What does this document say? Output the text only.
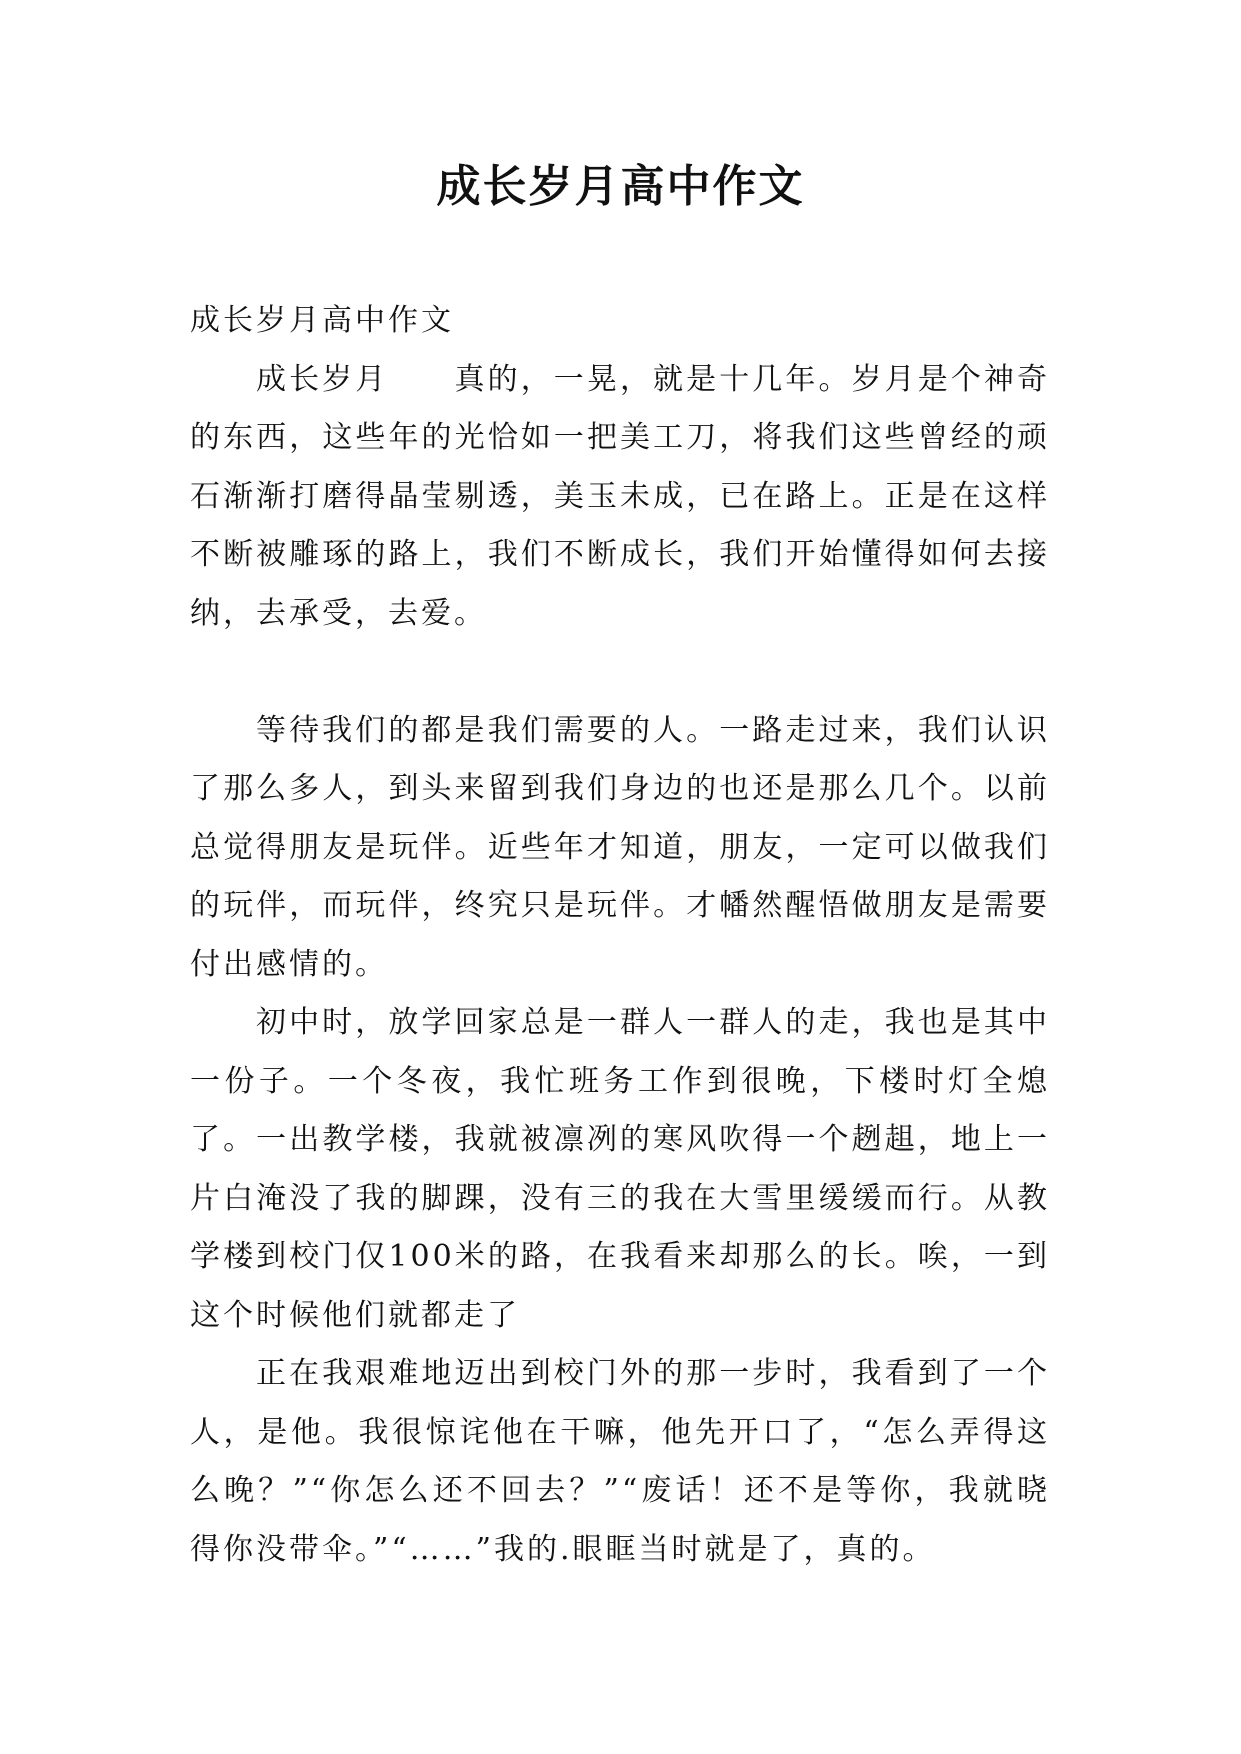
成长岁月高中作文

成长岁月高中作文

成长岁月　　真的，一晃，就是十几年。岁月是个神奇的东西，这些年的光恰如一把美工刀，将我们这些曾经的顽石渐渐打磨得晶莹剔透，美玉未成，已在路上。正是在这样不断被雕琢的路上，我们不断成长，我们开始懂得如何去接纳，去承受，去爱。

等待我们的都是我们需要的人。一路走过来，我们认识了那么多人，到头来留到我们身边的也还是那么几个。以前总觉得朋友是玩伴。近些年才知道，朋友，一定可以做我们的玩伴，而玩伴，终究只是玩伴。才幡然醒悟做朋友是需要付出感情的。

初中时，放学回家总是一群人一群人的走，我也是其中一份子。一个冬夜，我忙班务工作到很晚，下楼时灯全熄了。一出教学楼，我就被凛冽的寒风吹得一个趔趄，地上一片白淹没了我的脚踝，没有三的我在大雪里缓缓而行。从教学楼到校门仅100米的路，在我看来却那么的长。唉，一到这个时候他们就都走了

正在我艰难地迈出到校门外的那一步时，我看到了一个人，是他。我很惊诧他在干嘛，他先开口了，“怎么弄得这么晚？”“你怎么还不回去？”“废话！还不是等你，我就晓得你没带伞。”“……”我的.眼眶当时就是了，真的。
